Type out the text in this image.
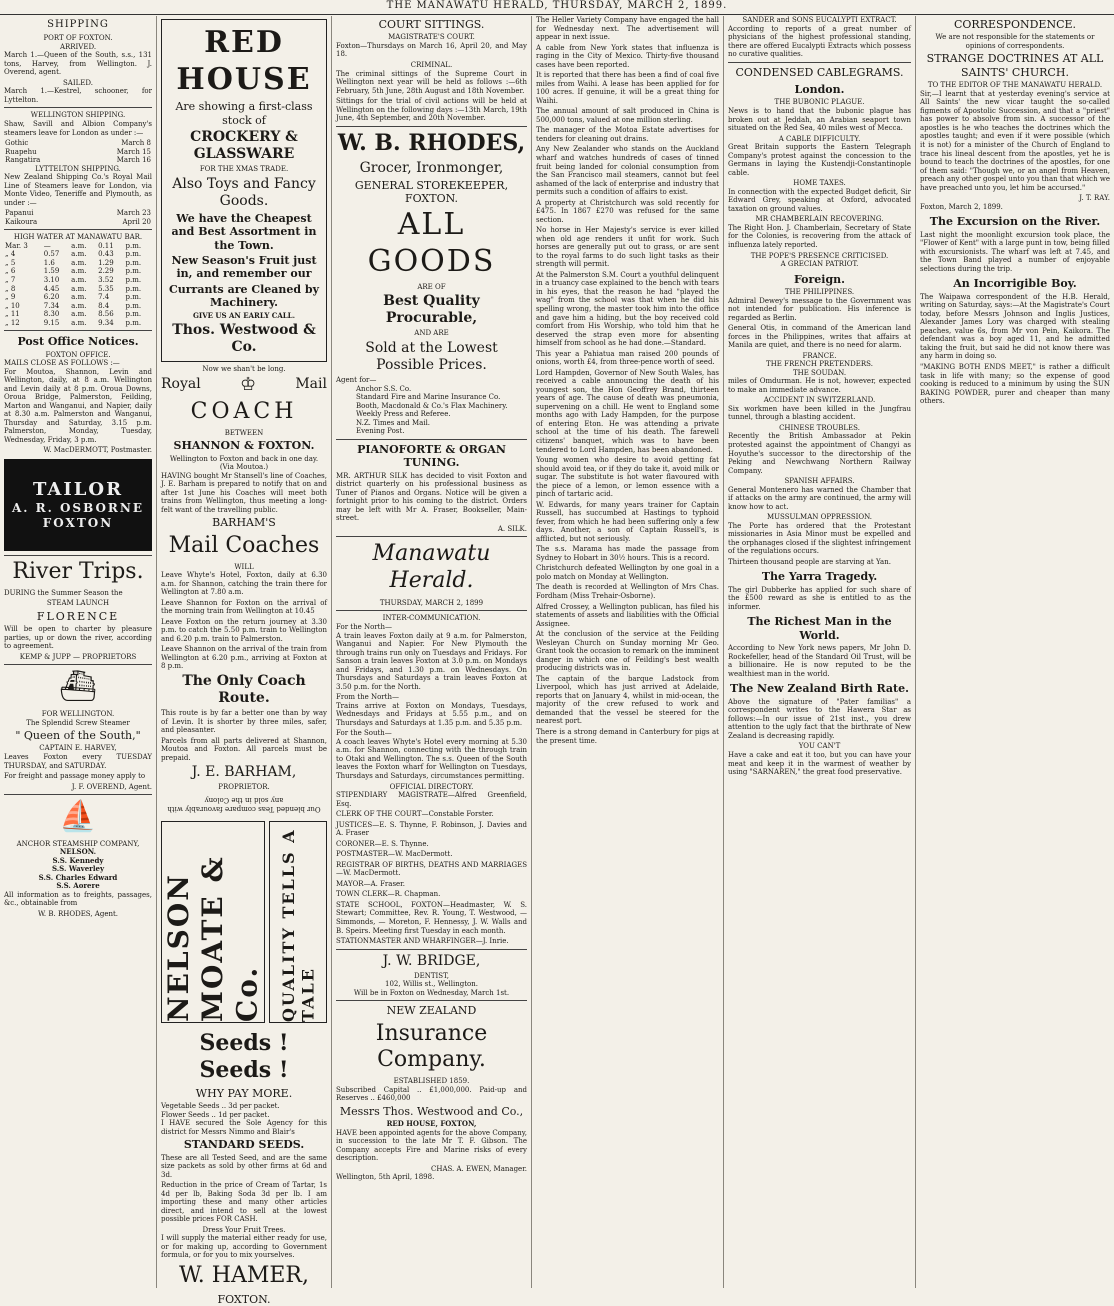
THE MANAWATU HERALD, THURSDAY, MARCH 2, 1899.
SHIPPING
PORT OF FOXTON.
ARRIVED.

March 1.—Queen of the South, s.s., 131 tons, Harvey, from Wellington. J. Overend, agent.

SAILED.

March 1.—Kestrel, schooner, for Lyttelton.

WELLINGTON SHIPPING.

Shaw, Savill and Albion Company's steamers leave for London as under :—

Gothic	March 8
Ruapehu	March 15
Rangatira	March 16
LYTTELTON SHIPPING.

New Zealand Shipping Co.'s Royal Mail Line of Steamers leave for London, via Monte Video, Teneriffe and Plymouth, as under :—

Papanui	March 23
Kaikoura	April 20
HIGH WATER AT MANAWATU BAR.
Mar. 3	—	a.m.	0.11	p.m.
„ 4	0.57	a.m.	0.43	p.m.
„ 5	1.6	a.m.	1.29	p.m.
„ 6	1.59	a.m.	2.29	p.m.
„ 7	3.10	a.m.	3.52	p.m.
„ 8	4.45	a.m.	5.35	p.m.
„ 9	6.20	a.m.	7.4	p.m.
„ 10	7.34	a.m.	8.4	p.m.
„ 11	8.30	a.m.	8.56	p.m.
„ 12	9.15	a.m.	9.34	p.m.
Post Office Notices.
FOXTON OFFICE.
MAILS CLOSE AS FOLLOWS :—

For Moutoa, Shannon, Levin and Wellington, daily, at 8 a.m. Wellington and Levin daily at 8 p.m. Oroua Downs, Oroua Bridge, Palmerston, Feilding, Marton and Wanganui, and Napier, daily at 8.30 a.m. Palmerston and Wanganui, Thursday and Saturday, 3.15 p.m. Palmerston, Monday, Tuesday, Wednesday, Friday, 3 p.m.

W. MacDERMOTT, Postmaster.
TAILOR
A. R. OSBORNE
FOXTON
River Trips.

DURING the Summer Season the

STEAM LAUNCH
FLORENCE

Will be open to charter by pleasure parties, up or down the river, according to agreement.

KEMP & JUPP — PROPRIETORS
⛴
FOR WELLINGTON.
The Splendid Screw Steamer
" Queen of the South,"
CAPTAIN E. HARVEY,

Leaves Foxton every TUESDAY THURSDAY, and SATURDAY.

For freight and passage money apply to

J. F. OVEREND, Agent.
⛵
ANCHOR STEAMSHIP COMPANY,
NELSON.
S.S. Kennedy
S.S. Waverley
S.S. Charles Edward
S.S. Aorere

All information as to freights, passages, &c., obtainable from

W. B. RHODES, Agent.
RED HOUSE
Are showing a first-class stock of
CROCKERY & GLASSWARE
FOR THE XMAS TRADE.
Also Toys and Fancy Goods.
We have the Cheapest and Best Assortment in the Town.
New Season's Fruit just in, and remember our
Currants are Cleaned by Machinery.
GIVE US AN EARLY CALL.
Thos. Westwood & Co.
Now we shan't be long.
Royal ♔	Mail
COACH
BETWEEN
SHANNON & FOXTON.
Wellington to Foxton and back in one day.
(Via Moutoa.)

HAVING bought Mr Stansell's line of Coaches, J. E. Barham is prepared to notify that on and after 1st June his Coaches will meet both trains from Wellington, thus meeting a long-felt want of the travelling public.

BARHAM'S
Mail Coaches
WILL

Leave Whyte's Hotel, Foxton, daily at 6.30 a.m. for Shannon, catching the train there for Wellington at 7.80 a.m.

Leave Shannon for Foxton on the arrival of the morning train from Wellington at 10.45

Leave Foxton on the return journey at 3.30 p.m. to catch the 5.50 p.m. train to Wellington and 6.20 p.m. train to Palmerston.

Leave Shannon on the arrival of the train from Wellington at 6.20 p.m., arriving at Foxton at 8 p.m.

The Only Coach Route.

This route is by far a better one than by way of Levin. It is shorter by three miles, safer, and pleasanter.

Parcels from all parts delivered at Shannon, Moutoa and Foxton. All parcels must be prepaid.

J. E. BARHAM,
PROPRIETOR.
Our blended Teas compare favourably with any sold in the Colony
NELSON MOATE & Co. QUALITY TELLS A TALE
Seeds ! Seeds !
WHY PAY MORE.
Vegetable Seeds .. 3d per packet.
Flower Seeds .. 1d per packet.

I HAVE secured the Sole Agency for this district for Messrs Nimmo and Blair's

STANDARD SEEDS.

These are all Tested Seed, and are the same size packets as sold by other firms at 6d and 3d.

Reduction in the price of Cream of Tartar, 1s 4d per lb, Baking Soda 3d per lb. I am importing these and many other articles direct, and intend to sell at the lowest possible prices FOR CASH.

Dress Your Fruit Trees.

I will supply the material either ready for use, or for making up, according to Government formula, or for you to mix yourselves.

W. HAMER,
FOXTON.
COURT SITTINGS.
MAGISTRATE'S COURT.

Foxton—Thursdays on March 16, April 20, and May 18.

CRIMINAL.

The criminal sittings of the Supreme Court in Wellington next year will be held as follows :—6th February, 5th June, 28th August and 18th November.

Sittings for the trial of civil actions will be held at Wellington on the following days :—13th March, 19th June, 4th September, and 20th November.

W. B. RHODES,
Grocer, Ironmonger,
GENERAL STOREKEEPER, FOXTON.
ALL GOODS
ARE OF
Best Quality Procurable,
AND ARE
Sold at the Lowest Possible Prices.
Agent for—
Anchor S.S. Co.
Standard Fire and Marine Insurance Co.
Booth, Macdonald & Co.'s Flax Machinery.
Weekly Press and Referee.
N.Z. Times and Mail.
Evening Post.
PIANOFORTE & ORGAN TUNING.

MR. ARTHUR SILK has decided to visit Foxton and district quarterly on his professional business as Tuner of Pianos and Organs. Notice will be given a fortnight prior to his coming to the district. Orders may be left with Mr A. Fraser, Bookseller, Main-street.

A. SILK.
Manawatu Herald.
THURSDAY, MARCH 2, 1899
INTER-COMMUNICATION.
For the North—

A train leaves Foxton daily at 9 a.m. for Palmerston, Wanganui and Napier. For New Plymouth the through trains run only on Tuesdays and Fridays. For Sanson a train leaves Foxton at 3.0 p.m. on Mondays and Fridays, and 1.30 p.m. on Wednesdays. On Thursdays and Saturdays a train leaves Foxton at 3.50 p.m. for the North.

From the North—

Trains arrive at Foxton on Mondays, Tuesdays, Wednesdays and Fridays at 5.55 p.m., and on Thursdays and Saturdays at 1.35 p.m. and 5.35 p.m.

For the South—

A coach leaves Whyte's Hotel every morning at 5.30 a.m. for Shannon, connecting with the through train to Otaki and Wellington. The s.s. Queen of the South leaves the Foxton wharf for Wellington on Tuesdays, Thursdays and Saturdays, circumstances permitting.

OFFICIAL DIRECTORY.

STIPENDIARY MAGISTRATE—Alfred Greenfield, Esq.

CLERK OF THE COURT—Constable Forster.

JUSTICES—E. S. Thynne, F. Robinson, J. Davies and A. Fraser

CORONER—E. S. Thynne.

POSTMASTER—W. MacDermott.

REGISTRAR OF BIRTHS, DEATHS AND MARRIAGES—W. MacDermott.

MAYOR—A. Fraser.

TOWN CLERK—R. Chapman.

STATE SCHOOL, FOXTON—Headmaster, W. S. Stewart; Committee, Rev. R. Young, T. Westwood, — Simmonds, — Moreton, F. Hennessy, J. W. Walls and B. Speirs. Meeting first Tuesday in each month.

STATIONMASTER AND WHARFINGER—J. Inrie.

J. W. BRIDGE,
DENTIST,
102, Willis st., Wellington.
Will be in Foxton on Wednesday, March 1st.
NEW ZEALAND
Insurance Company.
ESTABLISHED 1859.

Subscribed Capital .. £1,000,000. Paid-up and Reserves .. £460,000

Messrs Thos. Westwood and Co.,
RED HOUSE, FOXTON,

HAVE been appointed agents for the above Company, in succession to the late Mr T. F. Gibson. The Company accepts Fire and Marine risks of every description.

CHAS. A. EWEN, Manager.
Wellington, 5th April, 1898.

The Heller Variety Company have engaged the hall for Wednesday next. The advertisement will appear in next issue.

A cable from New York states that influenza is raging in the City of Mexico. Thirty-five thousand cases have been reported.

It is reported that there has been a find of coal five miles from Waihi. A lease has been applied for for 100 acres. If genuine, it will be a great thing for Waihi.

The annual amount of salt produced in China is 500,000 tons, valued at one million sterling.

The manager of the Motoa Estate advertises for tenders for cleaning out drains.

Any New Zealander who stands on the Auckland wharf and watches hundreds of cases of tinned fruit being landed for colonial consumption from the San Francisco mail steamers, cannot but feel ashamed of the lack of enterprise and industry that permits such a condition of affairs to exist.

A property at Christchurch was sold recently for £475. In 1867 £270 was refused for the same section.

No horse in Her Majesty's service is ever killed when old age renders it unfit for work. Such horses are generally put out to grass, or are sent to the royal farms to do such light tasks as their strength will permit.

At the Palmerston S.M. Court a youthful delinquent in a truancy case explained to the bench with tears in his eyes, that the reason he had "played the wag" from the school was that when he did his spelling wrong, the master took him into the office and gave him a hiding, but the boy received cold comfort from His Worship, who told him that he deserved the strap even more for absenting himself from school as he had done.—Standard.

This year a Pahiatua man raised 200 pounds of onions, worth £4, from three-pence worth of seed.

Lord Hampden, Governor of New South Wales, has received a cable announcing the death of his youngest son, the Hon Geoffrey Brand, thirteen years of age. The cause of death was pneumonia, supervening on a chill. He went to England some months ago with Lady Hampden, for the purpose of entering Eton. He was attending a private school at the time of his death. The farewell citizens' banquet, which was to have been tendered to Lord Hampden, has been abandoned.

Young women who desire to avoid getting fat should avoid tea, or if they do take it, avoid milk or sugar. The substitute is hot water flavoured with the piece of a lemon, or lemon essence with a pinch of tartaric acid.

W. Edwards, for many years trainer for Captain Russell, has succumbed at Hastings to typhoid fever, from which he had been suffering only a few days. Another, a son of Captain Russell's, is afflicted, but not seriously.

The s.s. Marama has made the passage from Sydney to Hobart in 30½ hours. This is a record.

Christchurch defeated Wellington by one goal in a polo match on Monday at Wellington.

The death is recorded at Wellington of Mrs Chas. Fordham (Miss Trehair-Osborne).

Alfred Crossey, a Wellington publican, has filed his statements of assets and liabilities with the Official Assignee.

At the conclusion of the service at the Feilding Wesleyan Church on Sunday morning Mr Geo. Grant took the occasion to remark on the imminent danger in which one of Feilding's best wealth producing districts was in.

The captain of the barque Ladstock from Liverpool, which has just arrived at Adelaide, reports that on January 4, whilst in mid-ocean, the majority of the crew refused to work and demanded that the vessel be steered for the nearest port.

There is a strong demand in Canterbury for pigs at the present time.

SANDER and SONS EUCALYPTI EXTRACT.

According to reports of a great number of physicians of the highest professional standing, there are offered Eucalypti Extracts which possess no curative qualities.

CONDENSED CABLEGRAMS.
London.
THE BUBONIC PLAGUE.

News is to hand that the bubonic plague has broken out at Jeddah, an Arabian seaport town situated on the Red Sea, 40 miles west of Mecca.

A CABLE DIFFICULTY.

Great Britain supports the Eastern Telegraph Company's protest against the concession to the Germans in laying the Kustendji-Constantinople cable.

HOME TAXES.

In connection with the expected Budget deficit, Sir Edward Grey, speaking at Oxford, advocated taxation on ground values.

MR CHAMBERLAIN RECOVERING.

The Right Hon. J. Chamberlain, Secretary of State for the Colonies, is recovering from the attack of influenza lately reported.

THE POPE'S PRESENCE CRITICISED.
A GRECIAN PATRIOT.
Foreign.
THE PHILIPPINES.

Admiral Dewey's message to the Government was not intended for publication. His inference is regarded as Berlin.

General Otis, in command of the American land forces in the Philippines, writes that affairs at Manila are quiet, and there is no need for alarm.

FRANCE.
THE FRENCH PRETENDERS.
THE SOUDAN.

miles of Omdurman. He is not, however, expected to make an immediate advance.

ACCIDENT IN SWITZERLAND.

Six workmen have been killed in the Jungfrau tunnel, through a blasting accident.

CHINESE TROUBLES.

Recently the British Ambassador at Pekin protested against the appointment of Changyi as Hoyuthe's successor to the directorship of the Peking and Newchwang Northern Railway Company.

SPANISH AFFAIRS.

General Montenero has warned the Chamber that if attacks on the army are continued, the army will know how to act.

MUSSULMAN OPPRESSION.

The Porte has ordered that the Protestant missionaries in Asia Minor must be expelled and the orphanages closed if the slightest infringement of the regulations occurs.

Thirteen thousand people are starving at Yan.

The Yarra Tragedy.

The girl Dubberke has applied for such share of the £500 reward as she is entitled to as the informer.

The Richest Man in the World.

According to New York news papers, Mr John D. Rockefeller, head of the Standard Oil Trust, will be a billionaire. He is now reputed to be the wealthiest man in the world.

The New Zealand Birth Rate.

Above the signature of "Pater familias" a correspondent writes to the Hawera Star as follows:—In our issue of 21st inst., you drew attention to the ugly fact that the birthrate of New Zealand is decreasing rapidly.

YOU CAN'T

Have a cake and eat it too, but you can have your meat and keep it in the warmest of weather by using "SARNAREN," the great food preservative.

CORRESPONDENCE.
We are not responsible for the statements or opinions of correspondents.
STRANGE DOCTRINES AT ALL SAINTS' CHURCH.
TO THE EDITOR OF THE MANAWATU HERALD.

Sir,—I learnt that at yesterday evening's service at All Saints' the new vicar taught the so-called figments of Apostolic Succession, and that a "priest" has power to absolve from sin. A successor of the apostles is he who teaches the doctrines which the apostles taught; and even if it were possible (which it is not) for a minister of the Church of England to trace his lineal descent from the apostles, yet he is bound to teach the doctrines of the apostles, for one of them said: "Though we, or an angel from Heaven, preach any other gospel unto you than that which we have preached unto you, let him be accursed."

J. T. RAY.
Foxton, March 2, 1899.
The Excursion on the River.

Last night the moonlight excursion took place, the "Flower of Kent" with a large punt in tow, being filled with excursionists. The wharf was left at 7.45, and the Town Band played a number of enjoyable selections during the trip.

An Incorrigible Boy.

The Waipawa correspondent of the H.B. Herald, writing on Saturday, says:—At the Magistrate's Court today, before Messrs Johnson and Inglis Justices, Alexander James Lory was charged with stealing peaches, value 6s, from Mr von Pein, Kaikora. The defendant was a boy aged 11, and he admitted taking the fruit, but said he did not know there was any harm in doing so.

"MAKING BOTH ENDS MEET," is rather a difficult task in life with many; so the expense of good cooking is reduced to a minimum by using the SUN BAKING POWDER, purer and cheaper than many others.
